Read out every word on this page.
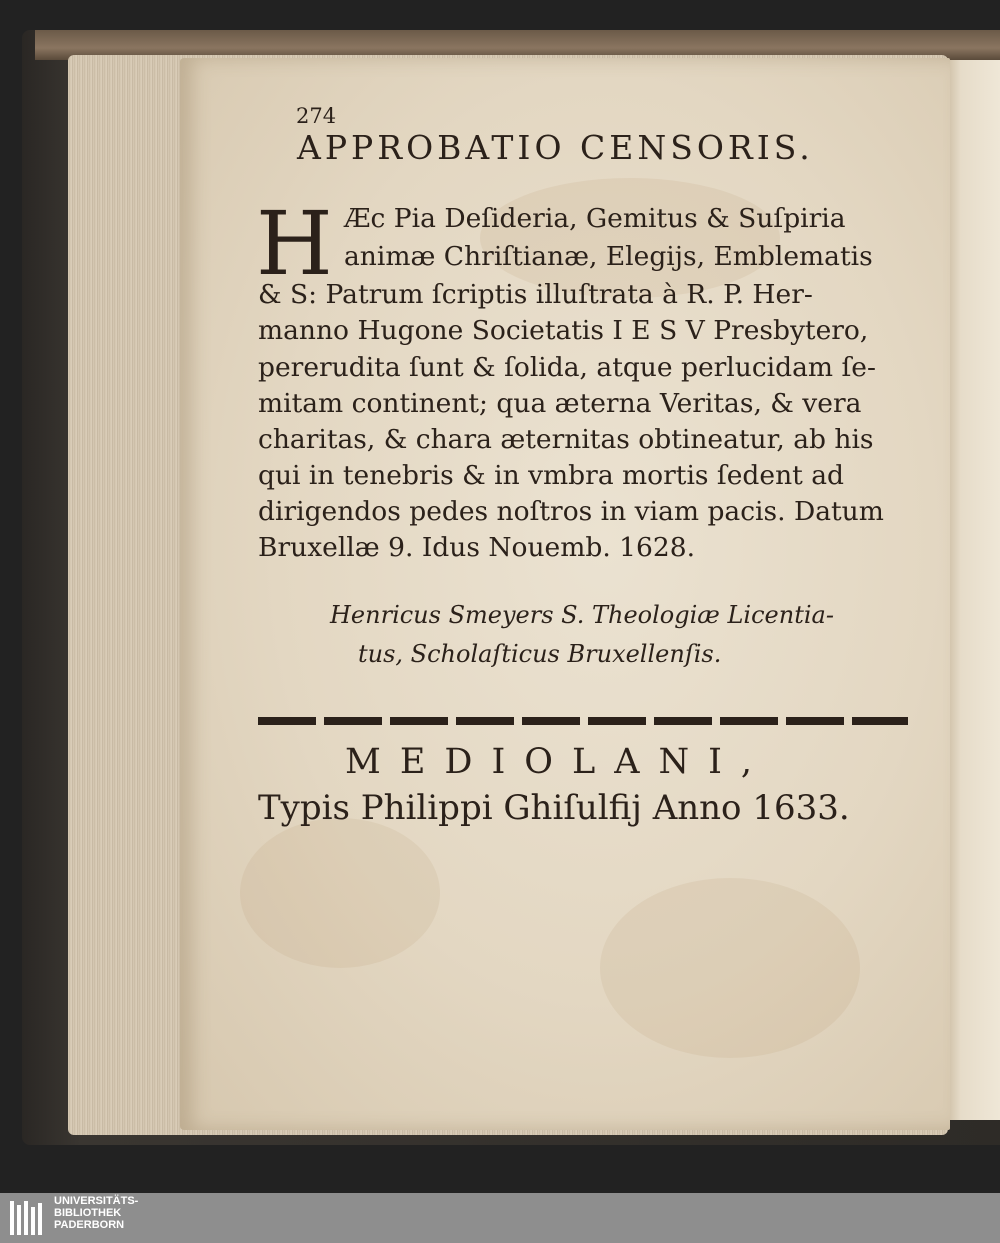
274
APPROBATIO CENSORIS.
H Æc Pia Deſideria, Gemitus & Suſpiria
animæ Chriſtianæ, Elegijs, Emblematis
& S: Patrum ſcriptis illuſtrata à R. P. Her-
manno Hugone Societatis I E S V Presbytero,
pereruditа ſunt & ſolida, atque perlucidam ſe-
mitam continent; qua æterna Veritas, & vera
charitas, & chara æternitas obtineatur, ab his
qui in tenebris & in vmbra mortis ſedent ad
dirigendos pedes noſtros in viam pacis. Datum
Bruxellæ 9. Idus Nouemb. 1628.
Henricus Smeyers S. Theologiæ Licentia-
tus, Scholaſticus Bruxellenſis.
MEDIOLANI,
Typis Philippi Ghiſulfij Anno 1633.
UNIVERSITÄTS-
BIBLIOTHEK
PADERBORN
